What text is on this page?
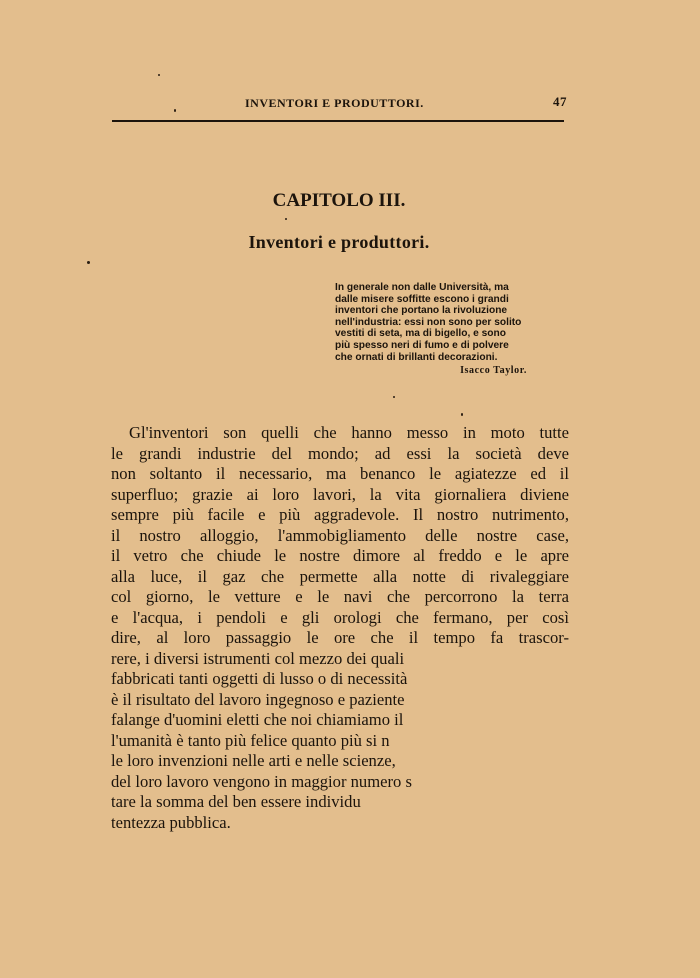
INVENTORI E PRODUTTORI.	47
CAPITOLO III.
Inventori e produttori.
In generale non dalle Università, ma
dalle misere soffitte escono i grandi
inventori che portano la rivoluzione
nell'industria: essi non sono per solito
vestiti di seta, ma di bigello, e sono
più spesso neri di fumo e di polvere
che ornati di brillanti decorazioni.
Isacco Taylor.
Gl'inventori son quelli che hanno messo in moto tutte
le grandi industrie del mondo; ad essi la società deve
non soltanto il necessario, ma benanco le agiatezze ed il
superfluo; grazie ai loro lavori, la vita giornaliera diviene
sempre più facile e più aggradevole. Il nostro nutrimento,
il nostro alloggio, l'ammobigliamento delle nostre case,
il vetro che chiude le nostre dimore al freddo e le apre
alla luce, il gaz che permette alla notte di rivaleggiare
col giorno, le vetture e le navi che percorrono la terra
e l'acqua, i pendoli e gli orologi che fermano, per così
dire, al loro passaggio le ore che il tempo fa trascor-
rere, i diversi istrumenti col mezzo dei quali
fabbricati tanti oggetti di lusso o di necessità
è il risultato del lavoro ingegnoso e paziente
falange d'uomini eletti che noi chiamiamo il
l'umanità è tanto più felice quanto più si n
le loro invenzioni nelle arti e nelle scienze,
del loro lavoro vengono in maggior numero s
tare la somma del ben essere individu
tentezza pubblica.
